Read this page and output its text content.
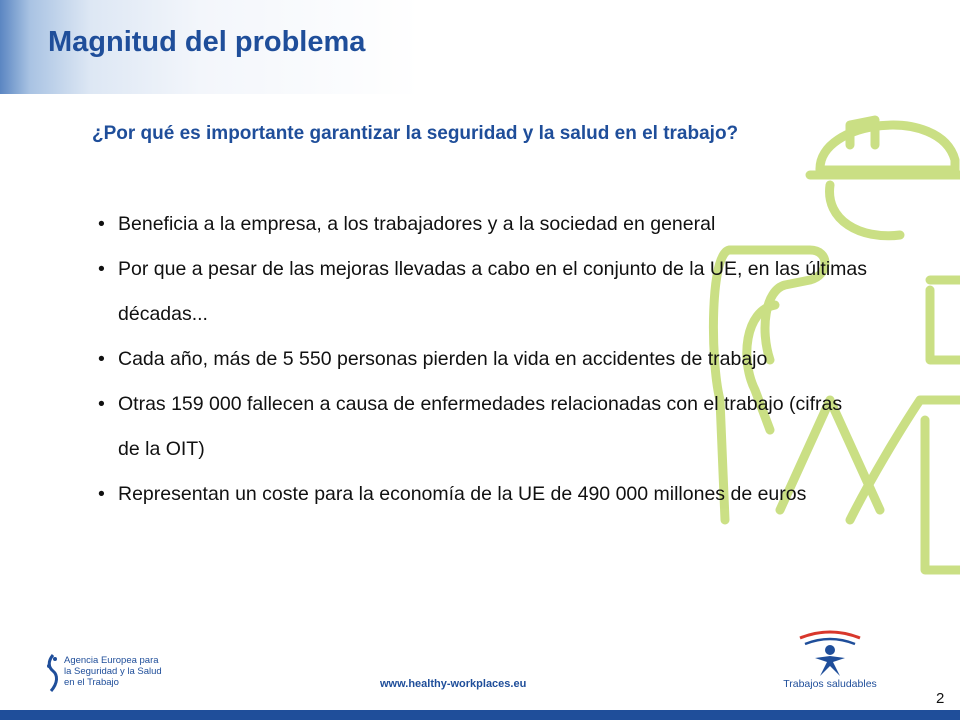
Magnitud del problema
¿Por qué es importante garantizar la seguridad y la salud en el trabajo?
• Beneficia a la empresa, a los trabajadores y a la sociedad en general
• Por que a pesar de las mejoras llevadas a cabo en el conjunto de la UE, en las últimas décadas...
• Cada año, más de 5 550 personas pierden la vida en accidentes de trabajo
• Otras 159 000 fallecen a causa de enfermedades relacionadas con el trabajo (cifras de la OIT)
• Representan un coste para la economía de la UE de 490 000 millones de euros
Agencia Europea para
la Seguridad y la Salud
en el Trabajo	www.healthy-workplaces.eu	Trabajos saludables
2
